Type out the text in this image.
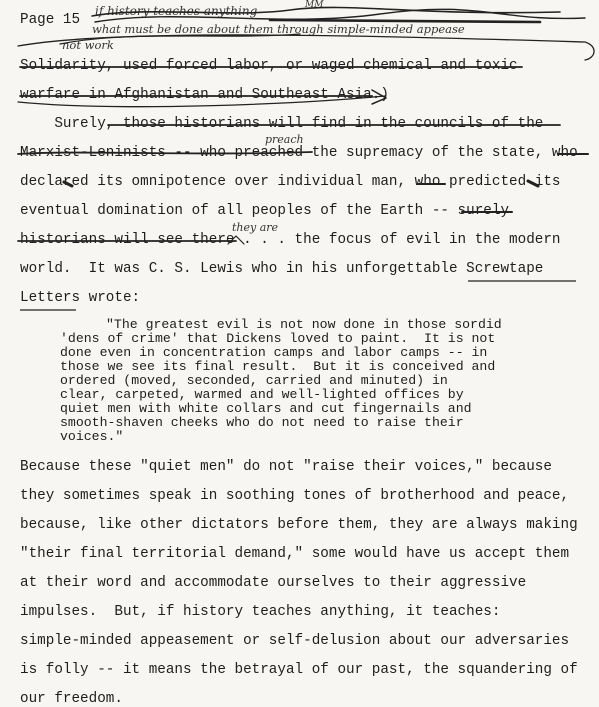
Page 15
if history teaches anything	MM
what must be done about them through simple-minded appease
not work
Solidarity, used forced labor, or waged chemical and toxic
warfare in Afghanistan and Southeast Asia.)
Surely, those historians will find in the councils of the
Marxist-Leninists -- who preached the supremacy of the state, who
declared its omnipotence over individual man, who predicted its
eventual domination of all peoples of the Earth -- surely
historians will see there . . . the focus of evil in the modern
world.  It was C. S. Lewis who in his unforgettable Screwtape
Letters wrote:
preach
they are
"The greatest evil is not now done in those sordid
'dens of crime' that Dickens loved to paint.  It is not
done even in concentration camps and labor camps -- in
those we see its final result.  But it is conceived and
ordered (moved, seconded, carried and minuted) in
clear, carpeted, warmed and well-lighted offices by
quiet men with white collars and cut fingernails and
smooth-shaven cheeks who do not need to raise their
voices."
Because these "quiet men" do not "raise their voices," because
they sometimes speak in soothing tones of brotherhood and peace,
because, like other dictators before them, they are always making
"their final territorial demand," some would have us accept them
at their word and accommodate ourselves to their aggressive
impulses.  But, if history teaches anything, it teaches:
simple-minded appeasement or self-delusion about our adversaries
is folly -- it means the betrayal of our past, the squandering of
our freedom.
